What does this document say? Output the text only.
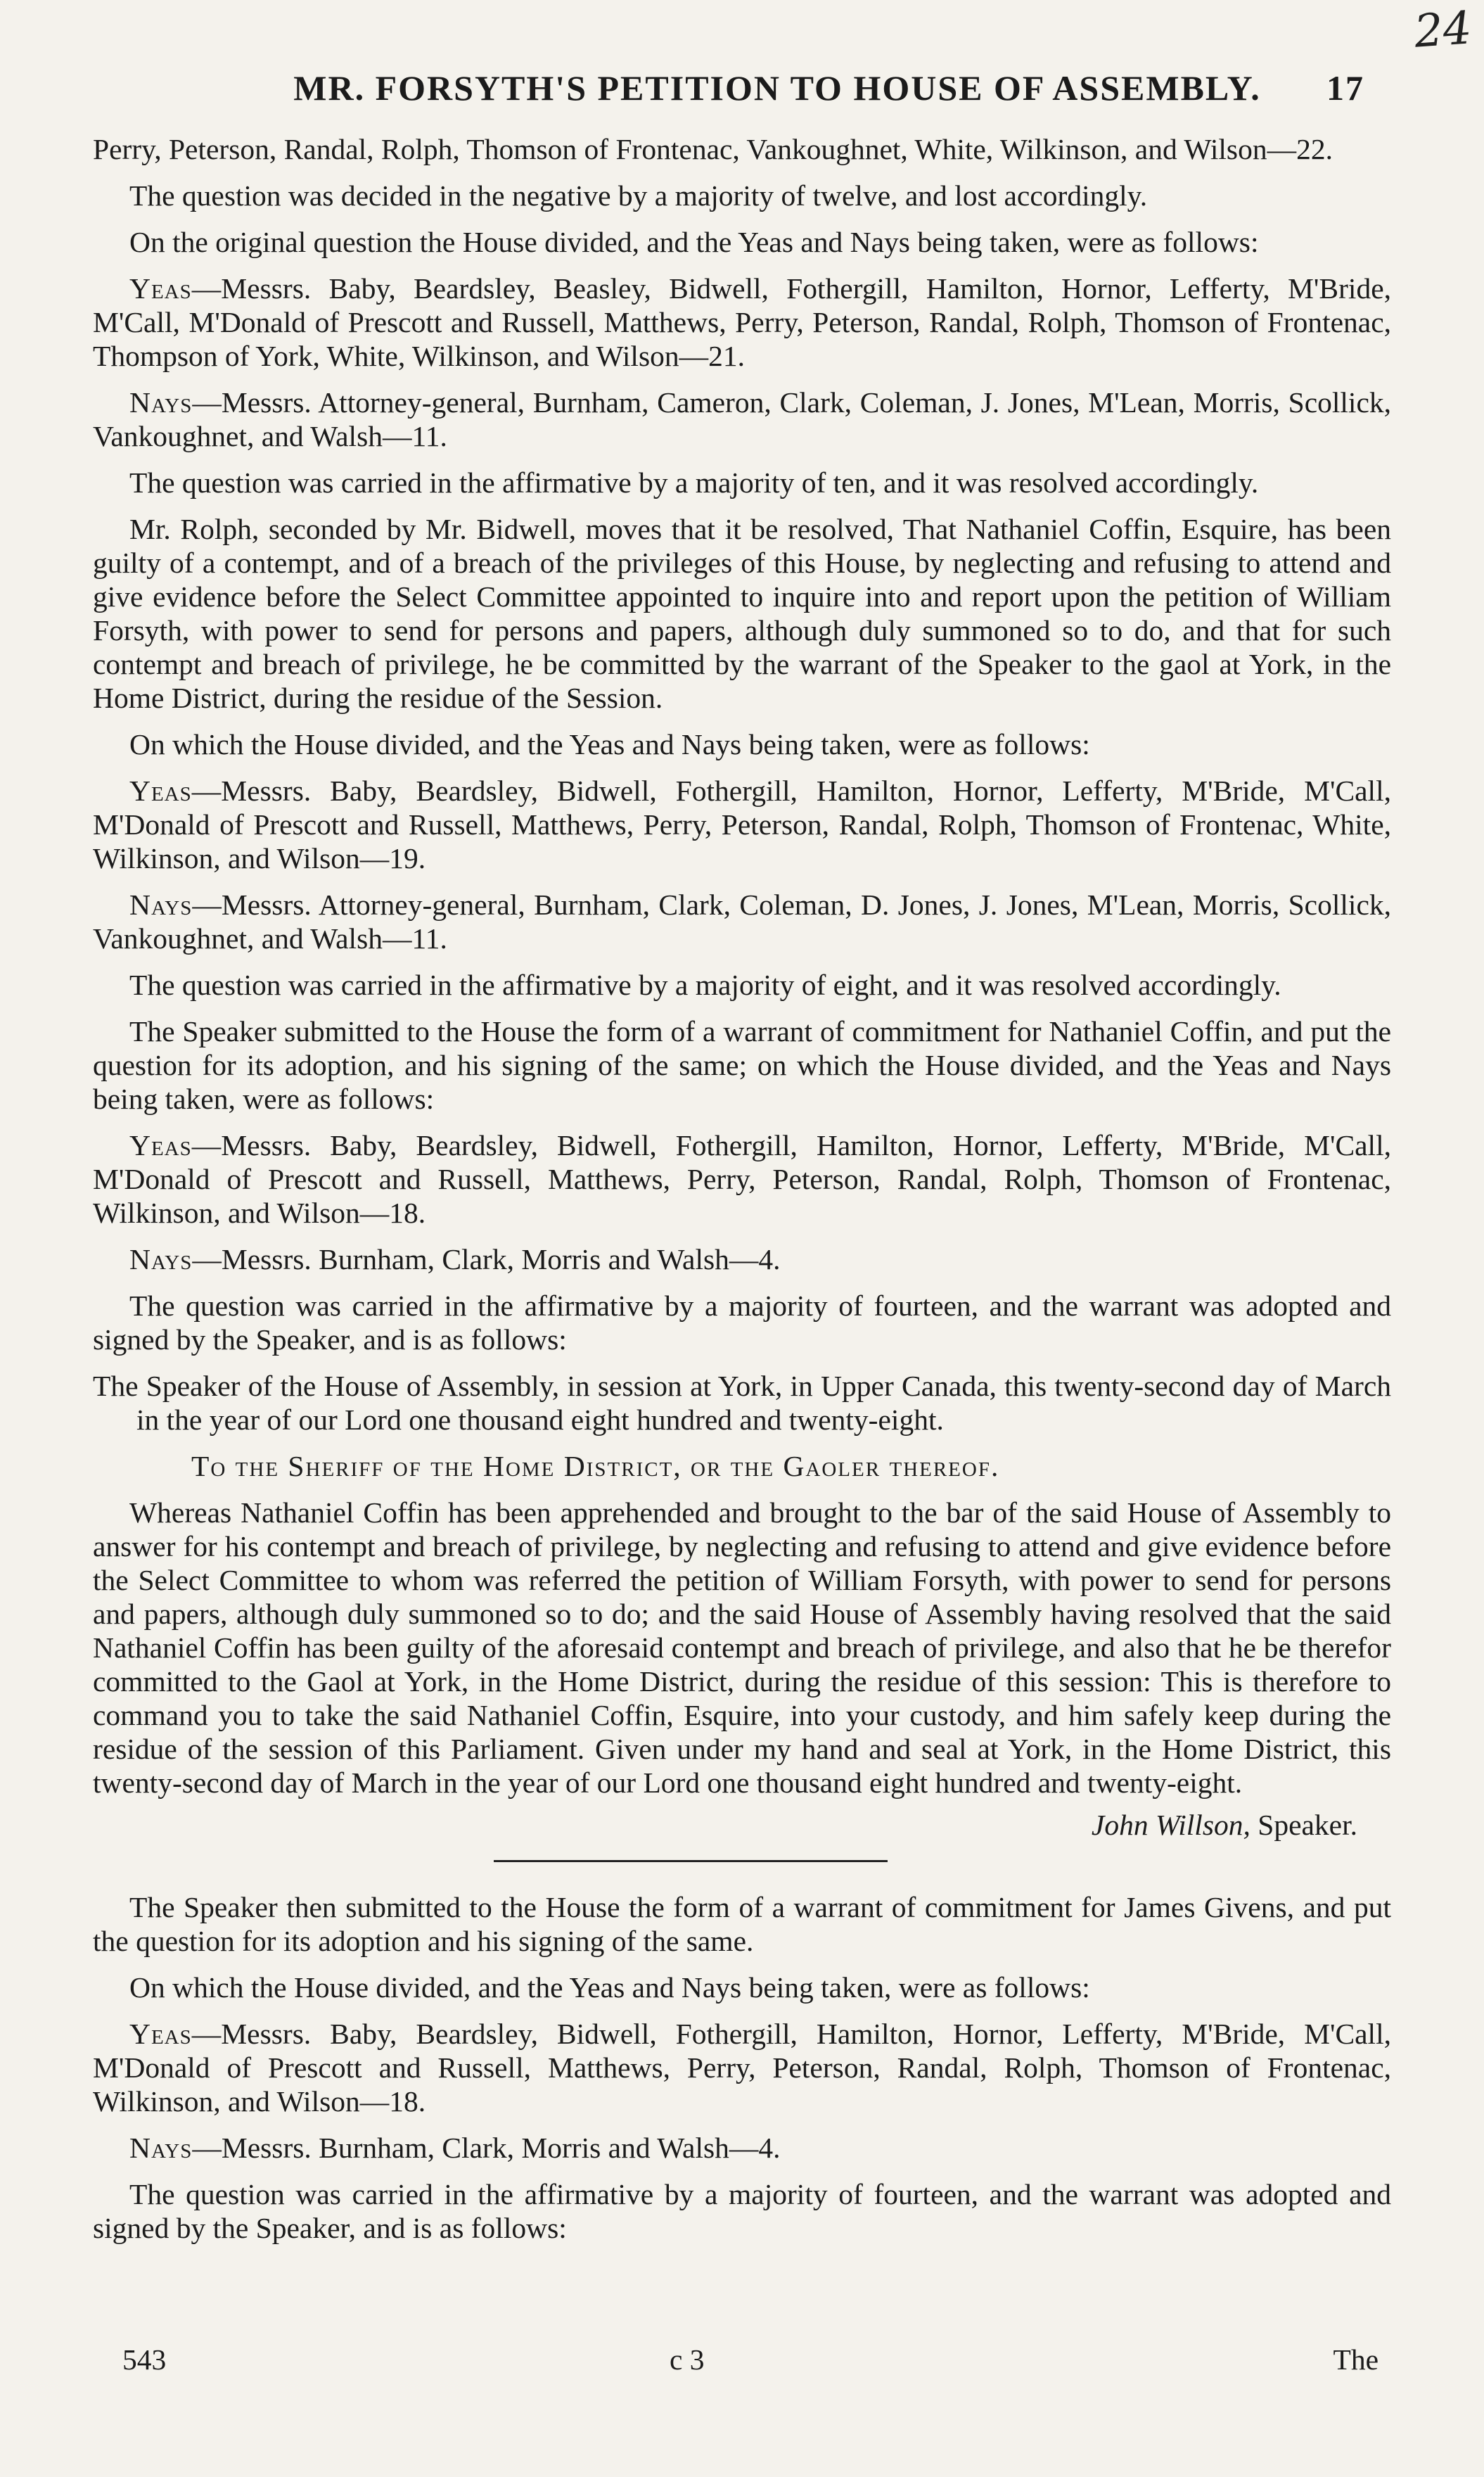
24
MR. FORSYTH'S PETITION TO HOUSE OF ASSEMBLY. 17

Perry, Peterson, Randal, Rolph, Thomson of Frontenac, Vankoughnet, White, Wilkinson, and Wilson—22.

The question was decided in the negative by a majority of twelve, and lost accordingly.

On the original question the House divided, and the Yeas and Nays being taken, were as follows:

Yeas—Messrs. Baby, Beardsley, Beasley, Bidwell, Fothergill, Hamilton, Hornor, Lefferty, M'Bride, M'Call, M'Donald of Prescott and Russell, Matthews, Perry, Peterson, Randal, Rolph, Thomson of Frontenac, Thompson of York, White, Wilkinson, and Wilson—21.

Nays—Messrs. Attorney-general, Burnham, Cameron, Clark, Coleman, J. Jones, M'Lean, Morris, Scollick, Vankoughnet, and Walsh—11.

The question was carried in the affirmative by a majority of ten, and it was resolved accordingly.

Mr. Rolph, seconded by Mr. Bidwell, moves that it be resolved, That Nathaniel Coffin, Esquire, has been guilty of a contempt, and of a breach of the privileges of this House, by neglecting and refusing to attend and give evidence before the Select Committee appointed to inquire into and report upon the petition of William Forsyth, with power to send for persons and papers, although duly summoned so to do, and that for such contempt and breach of privilege, he be committed by the warrant of the Speaker to the gaol at York, in the Home District, during the residue of the Session.

On which the House divided, and the Yeas and Nays being taken, were as follows:

Yeas—Messrs. Baby, Beardsley, Bidwell, Fothergill, Hamilton, Hornor, Lefferty, M'Bride, M'Call, M'Donald of Prescott and Russell, Matthews, Perry, Peterson, Randal, Rolph, Thomson of Frontenac, White, Wilkinson, and Wilson—19.

Nays—Messrs. Attorney-general, Burnham, Clark, Coleman, D. Jones, J. Jones, M'Lean, Morris, Scollick, Vankoughnet, and Walsh—11.

The question was carried in the affirmative by a majority of eight, and it was resolved accordingly.

The Speaker submitted to the House the form of a warrant of commitment for Nathaniel Coffin, and put the question for its adoption, and his signing of the same; on which the House divided, and the Yeas and Nays being taken, were as follows:

Yeas—Messrs. Baby, Beardsley, Bidwell, Fothergill, Hamilton, Hornor, Lefferty, M'Bride, M'Call, M'Donald of Prescott and Russell, Matthews, Perry, Peterson, Randal, Rolph, Thomson of Frontenac, Wilkinson, and Wilson—18.

Nays—Messrs. Burnham, Clark, Morris and Walsh—4.

The question was carried in the affirmative by a majority of fourteen, and the warrant was adopted and signed by the Speaker, and is as follows:

The Speaker of the House of Assembly, in session at York, in Upper Canada, this twenty-second day of March in the year of our Lord one thousand eight hundred and twenty-eight.

To the Sheriff of the Home District, or the Gaoler thereof.

Whereas Nathaniel Coffin has been apprehended and brought to the bar of the said House of Assembly to answer for his contempt and breach of privilege, by neglecting and refusing to attend and give evidence before the Select Committee to whom was referred the petition of William Forsyth, with power to send for persons and papers, although duly summoned so to do; and the said House of Assembly having resolved that the said Nathaniel Coffin has been guilty of the aforesaid contempt and breach of privilege, and also that he be therefor committed to the Gaol at York, in the Home District, during the residue of this session: This is therefore to command you to take the said Nathaniel Coffin, Esquire, into your custody, and him safely keep during the residue of the session of this Parliament. Given under my hand and seal at York, in the Home District, this twenty-second day of March in the year of our Lord one thousand eight hundred and twenty-eight.

John Willson, Speaker.

The Speaker then submitted to the House the form of a warrant of commitment for James Givens, and put the question for its adoption and his signing of the same.

On which the House divided, and the Yeas and Nays being taken, were as follows:

Yeas—Messrs. Baby, Beardsley, Bidwell, Fothergill, Hamilton, Hornor, Lefferty, M'Bride, M'Call, M'Donald of Prescott and Russell, Matthews, Perry, Peterson, Randal, Rolph, Thomson of Frontenac, Wilkinson, and Wilson—18.

Nays—Messrs. Burnham, Clark, Morris and Walsh—4.

The question was carried in the affirmative by a majority of fourteen, and the warrant was adopted and signed by the Speaker, and is as follows:

543	c 3	The
